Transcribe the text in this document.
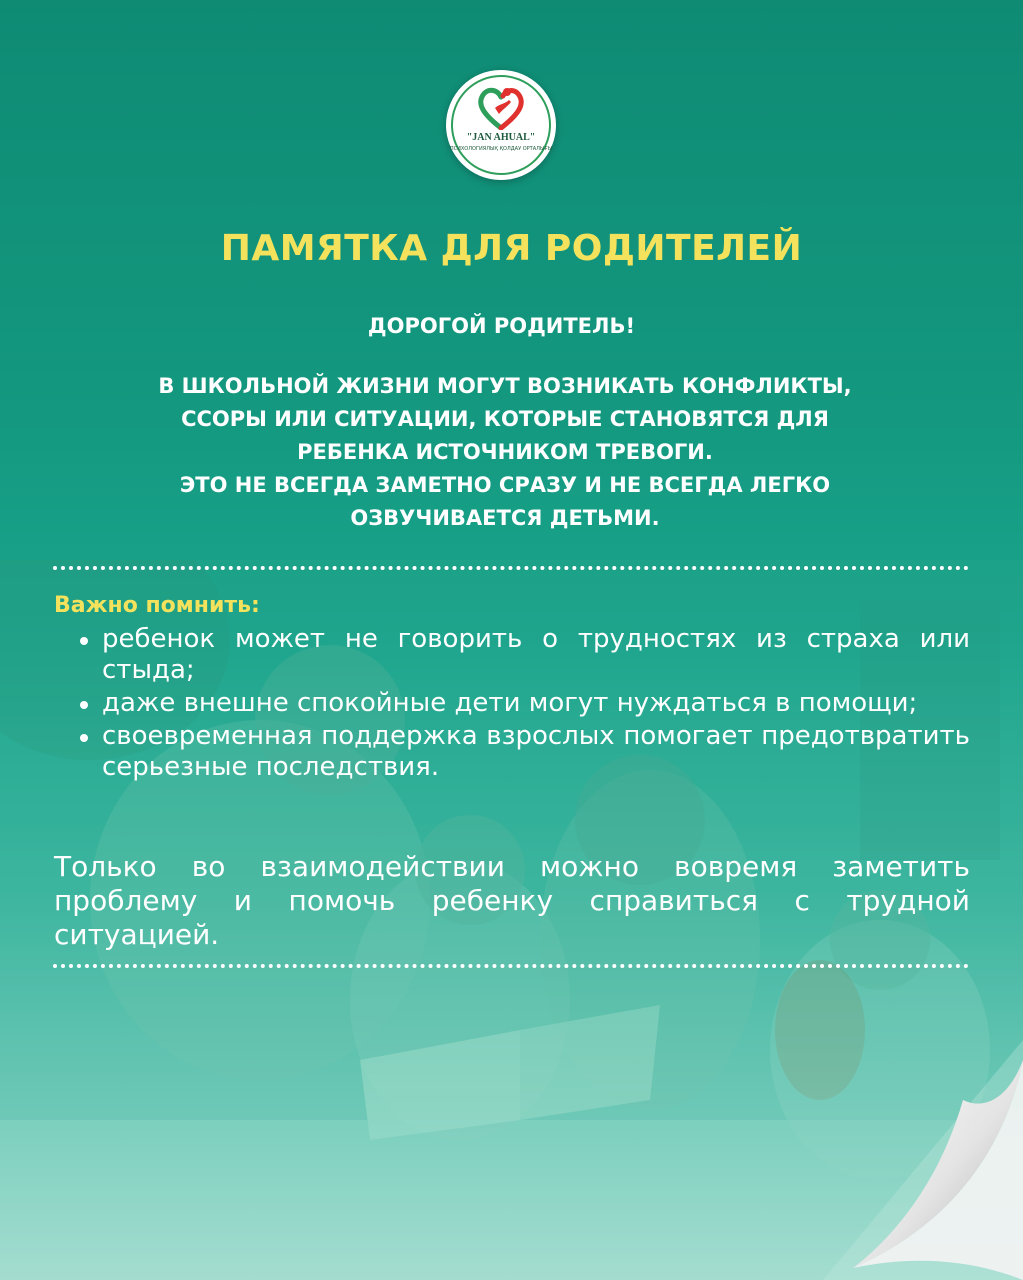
"JAN AHUAL"
ПСИХОЛОГИЯЛЫҚ ҚОЛДАУ ОРТАЛЫҒЫ
ПАМЯТКА ДЛЯ РОДИТЕЛЕЙ
ДОРОГОЙ РОДИТЕЛЬ!
В ШКОЛЬНОЙ ЖИЗНИ МОГУТ ВОЗНИКАТЬ КОНФЛИКТЫ,
ССОРЫ ИЛИ СИТУАЦИИ, КОТОРЫЕ СТАНОВЯТСЯ ДЛЯ
РЕБЕНКА ИСТОЧНИКОМ ТРЕВОГИ.
ЭТО НЕ ВСЕГДА ЗАМЕТНО СРАЗУ И НЕ ВСЕГДА ЛЕГКО
ОЗВУЧИВАЕТСЯ ДЕТЬМИ.
Важно помнить:
ребенок может не говорить о трудностях из страха или стыда;
даже внешне спокойные дети могут нуждаться в помощи;
своевременная поддержка взрослых помогает предотвратить серьезные последствия.

Только во взаимодействии можно вовремя заметить проблему и помочь ребенку справиться с трудной ситуацией.
